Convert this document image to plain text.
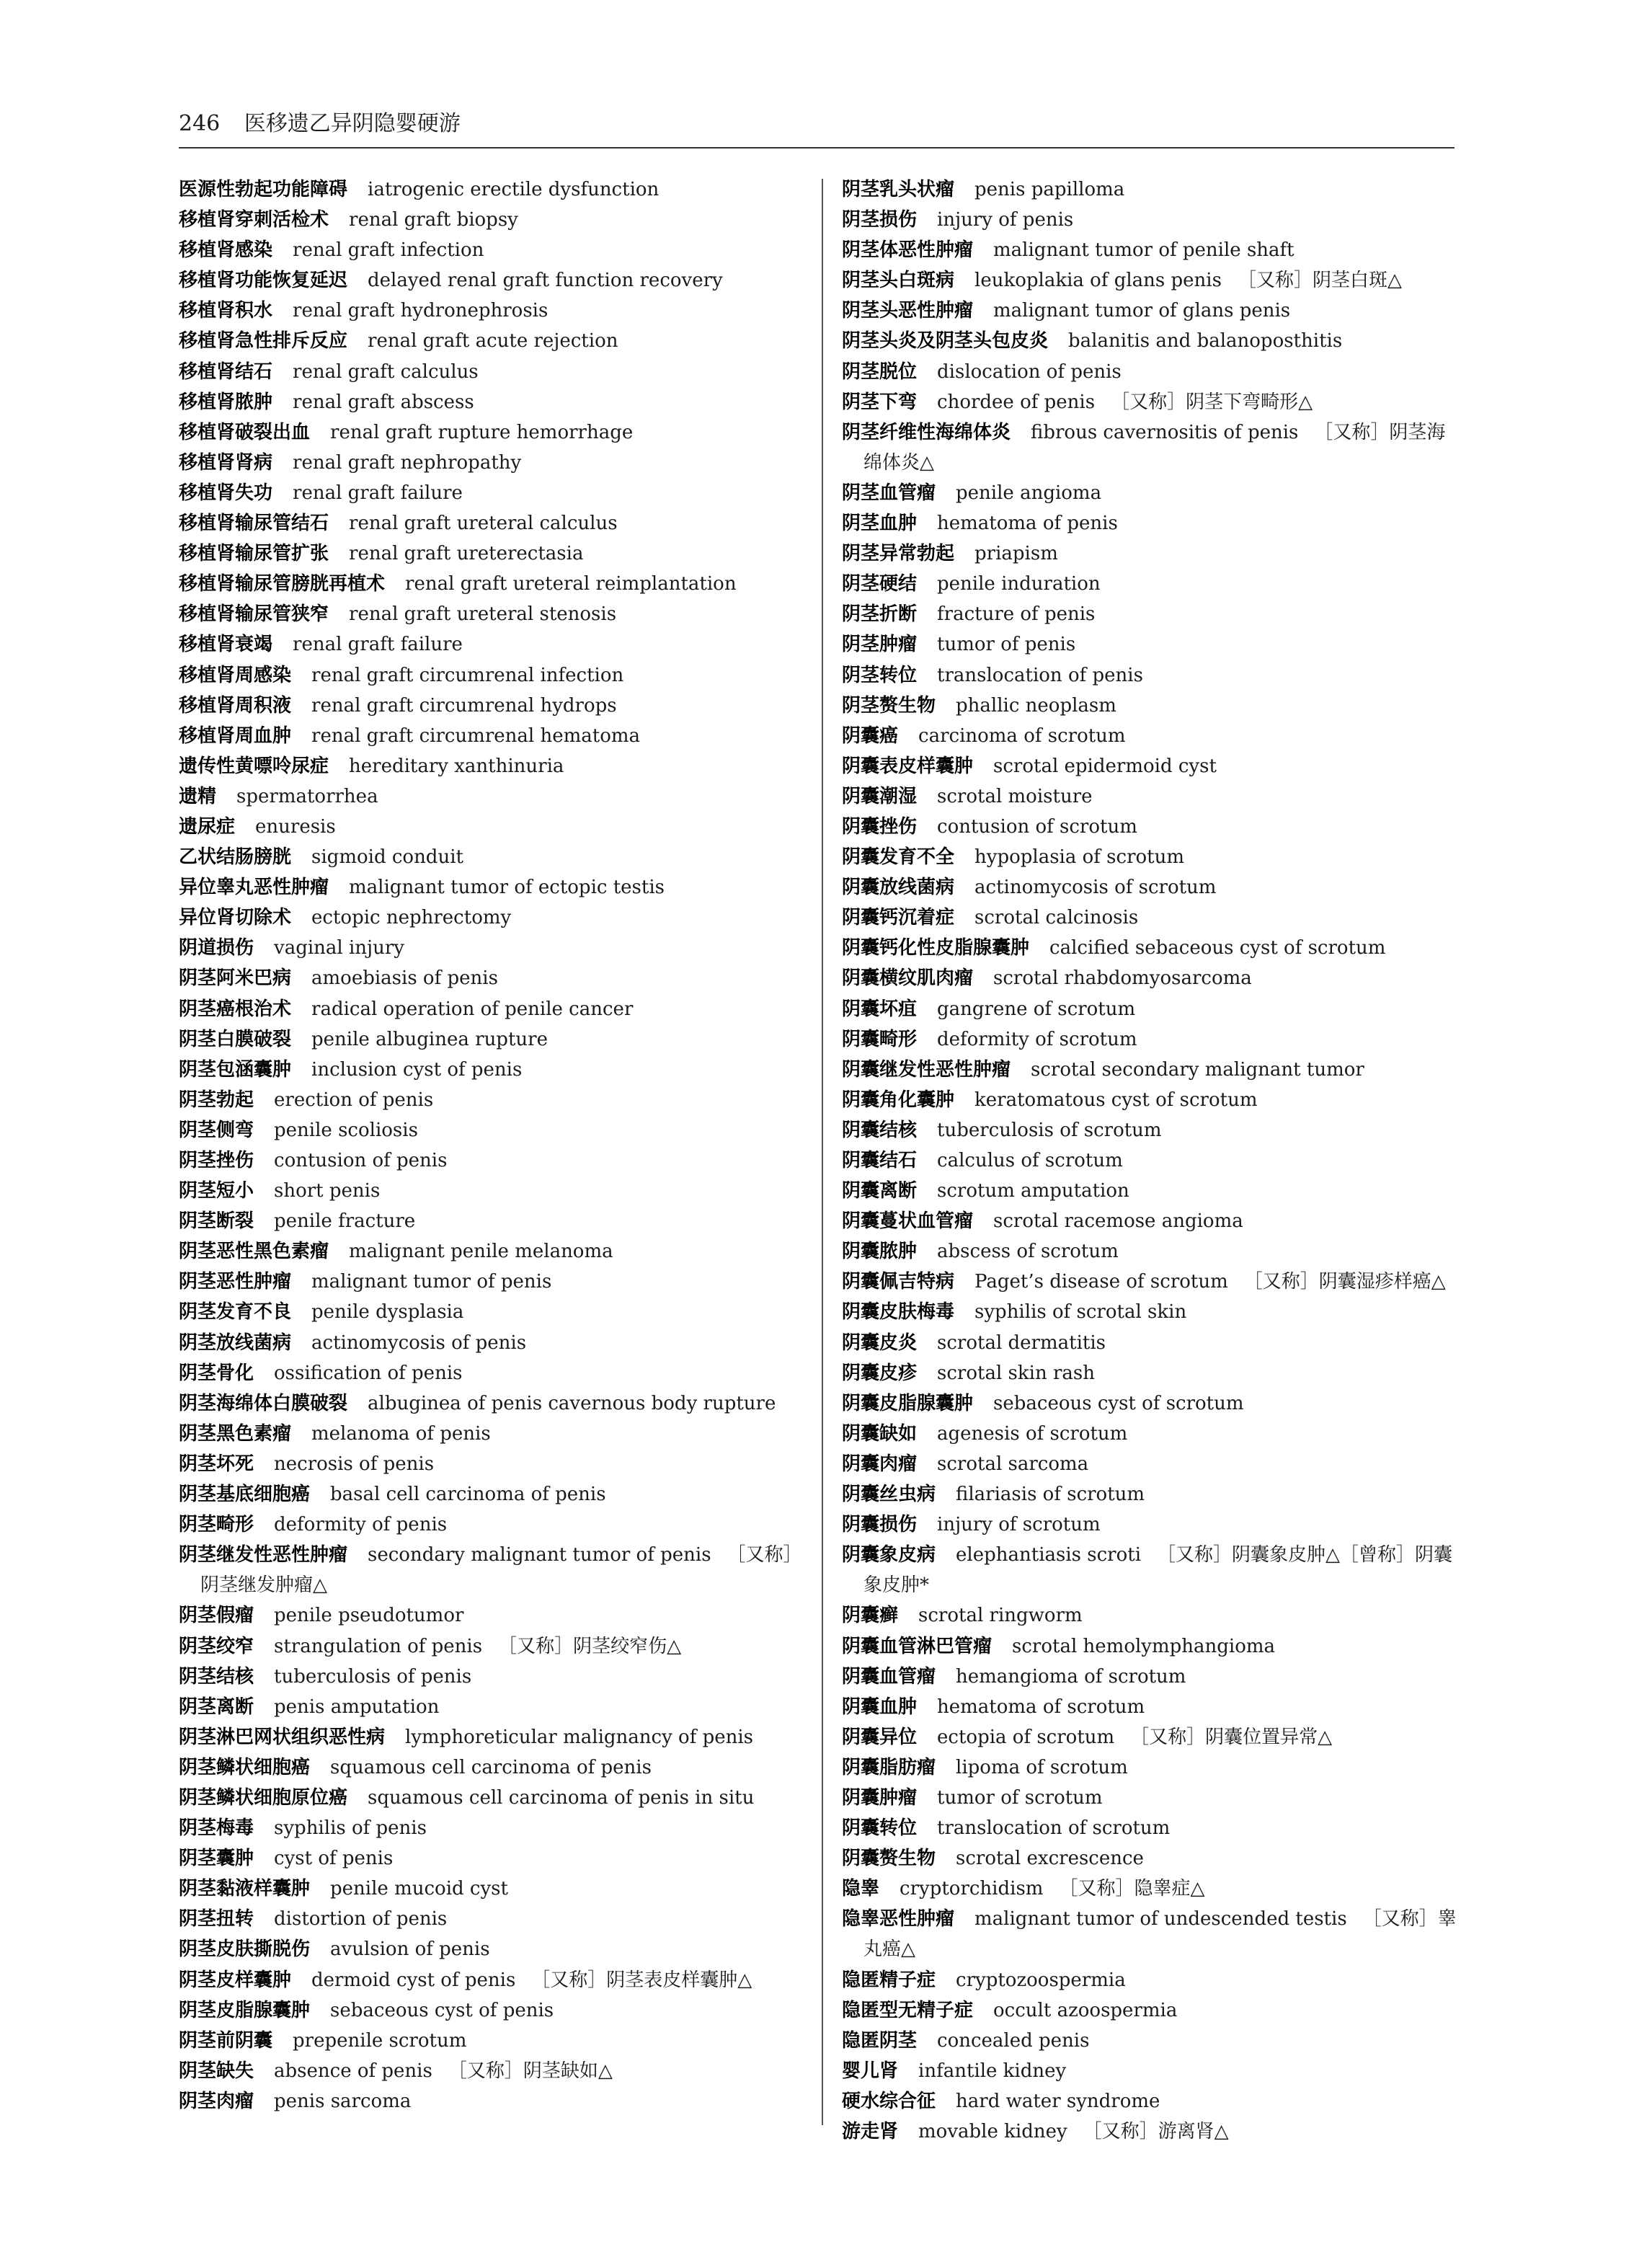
246 医移遗乙异阴隐婴硬游

医源性勃起功能障碍 iatrogenic erectile dysfunction

移植肾穿刺活检术 renal graft biopsy

移植肾感染 renal graft infection

移植肾功能恢复延迟 delayed renal graft function recovery

移植肾积水 renal graft hydronephrosis

移植肾急性排斥反应 renal graft acute rejection

移植肾结石 renal graft calculus

移植肾脓肿 renal graft abscess

移植肾破裂出血 renal graft rupture hemorrhage

移植肾肾病 renal graft nephropathy

移植肾失功 renal graft failure

移植肾输尿管结石 renal graft ureteral calculus

移植肾输尿管扩张 renal graft ureterectasia

移植肾输尿管膀胱再植术 renal graft ureteral reimplantation

移植肾输尿管狭窄 renal graft ureteral stenosis

移植肾衰竭 renal graft failure

移植肾周感染 renal graft circumrenal infection

移植肾周积液 renal graft circumrenal hydrops

移植肾周血肿 renal graft circumrenal hematoma

遗传性黄嘌呤尿症 hereditary xanthinuria

遗精 spermatorrhea

遗尿症 enuresis

乙状结肠膀胱 sigmoid conduit

异位睾丸恶性肿瘤 malignant tumor of ectopic testis

异位肾切除术 ectopic nephrectomy

阴道损伤 vaginal injury

阴茎阿米巴病 amoebiasis of penis

阴茎癌根治术 radical operation of penile cancer

阴茎白膜破裂 penile albuginea rupture

阴茎包涵囊肿 inclusion cyst of penis

阴茎勃起 erection of penis

阴茎侧弯 penile scoliosis

阴茎挫伤 contusion of penis

阴茎短小 short penis

阴茎断裂 penile fracture

阴茎恶性黑色素瘤 malignant penile melanoma

阴茎恶性肿瘤 malignant tumor of penis

阴茎发育不良 penile dysplasia

阴茎放线菌病 actinomycosis of penis

阴茎骨化 ossification of penis

阴茎海绵体白膜破裂 albuginea of penis cavernous body rupture

阴茎黑色素瘤 melanoma of penis

阴茎坏死 necrosis of penis

阴茎基底细胞癌 basal cell carcinoma of penis

阴茎畸形 deformity of penis

阴茎继发性恶性肿瘤 secondary malignant tumor of penis ［又称］阴茎继发肿瘤△

阴茎假瘤 penile pseudotumor

阴茎绞窄 strangulation of penis ［又称］阴茎绞窄伤△

阴茎结核 tuberculosis of penis

阴茎离断 penis amputation

阴茎淋巴网状组织恶性病 lymphoreticular malignancy of penis

阴茎鳞状细胞癌 squamous cell carcinoma of penis

阴茎鳞状细胞原位癌 squamous cell carcinoma of penis in situ

阴茎梅毒 syphilis of penis

阴茎囊肿 cyst of penis

阴茎黏液样囊肿 penile mucoid cyst

阴茎扭转 distortion of penis

阴茎皮肤撕脱伤 avulsion of penis

阴茎皮样囊肿 dermoid cyst of penis ［又称］阴茎表皮样囊肿△

阴茎皮脂腺囊肿 sebaceous cyst of penis

阴茎前阴囊 prepenile scrotum

阴茎缺失 absence of penis ［又称］阴茎缺如△

阴茎肉瘤 penis sarcoma

阴茎乳头状瘤 penis papilloma

阴茎损伤 injury of penis

阴茎体恶性肿瘤 malignant tumor of penile shaft

阴茎头白斑病 leukoplakia of glans penis ［又称］阴茎白斑△

阴茎头恶性肿瘤 malignant tumor of glans penis

阴茎头炎及阴茎头包皮炎 balanitis and balanoposthitis

阴茎脱位 dislocation of penis

阴茎下弯 chordee of penis ［又称］阴茎下弯畸形△

阴茎纤维性海绵体炎 fibrous cavernositis of penis ［又称］阴茎海绵体炎△

阴茎血管瘤 penile angioma

阴茎血肿 hematoma of penis

阴茎异常勃起 priapism

阴茎硬结 penile induration

阴茎折断 fracture of penis

阴茎肿瘤 tumor of penis

阴茎转位 translocation of penis

阴茎赘生物 phallic neoplasm

阴囊癌 carcinoma of scrotum

阴囊表皮样囊肿 scrotal epidermoid cyst

阴囊潮湿 scrotal moisture

阴囊挫伤 contusion of scrotum

阴囊发育不全 hypoplasia of scrotum

阴囊放线菌病 actinomycosis of scrotum

阴囊钙沉着症 scrotal calcinosis

阴囊钙化性皮脂腺囊肿 calcified sebaceous cyst of scrotum

阴囊横纹肌肉瘤 scrotal rhabdomyosarcoma

阴囊坏疽 gangrene of scrotum

阴囊畸形 deformity of scrotum

阴囊继发性恶性肿瘤 scrotal secondary malignant tumor

阴囊角化囊肿 keratomatous cyst of scrotum

阴囊结核 tuberculosis of scrotum

阴囊结石 calculus of scrotum

阴囊离断 scrotum amputation

阴囊蔓状血管瘤 scrotal racemose angioma

阴囊脓肿 abscess of scrotum

阴囊佩吉特病 Paget’s disease of scrotum ［又称］阴囊湿疹样癌△

阴囊皮肤梅毒 syphilis of scrotal skin

阴囊皮炎 scrotal dermatitis

阴囊皮疹 scrotal skin rash

阴囊皮脂腺囊肿 sebaceous cyst of scrotum

阴囊缺如 agenesis of scrotum

阴囊肉瘤 scrotal sarcoma

阴囊丝虫病 filariasis of scrotum

阴囊损伤 injury of scrotum

阴囊象皮病 elephantiasis scroti ［又称］阴囊象皮肿△［曾称］阴囊象皮肿*

阴囊癣 scrotal ringworm

阴囊血管淋巴管瘤 scrotal hemolymphangioma

阴囊血管瘤 hemangioma of scrotum

阴囊血肿 hematoma of scrotum

阴囊异位 ectopia of scrotum ［又称］阴囊位置异常△

阴囊脂肪瘤 lipoma of scrotum

阴囊肿瘤 tumor of scrotum

阴囊转位 translocation of scrotum

阴囊赘生物 scrotal excrescence

隐睾 cryptorchidism ［又称］隐睾症△

隐睾恶性肿瘤 malignant tumor of undescended testis ［又称］睾丸癌△

隐匿精子症 cryptozoospermia

隐匿型无精子症 occult azoospermia

隐匿阴茎 concealed penis

婴儿肾 infantile kidney

硬水综合征 hard water syndrome

游走肾 movable kidney ［又称］游离肾△
